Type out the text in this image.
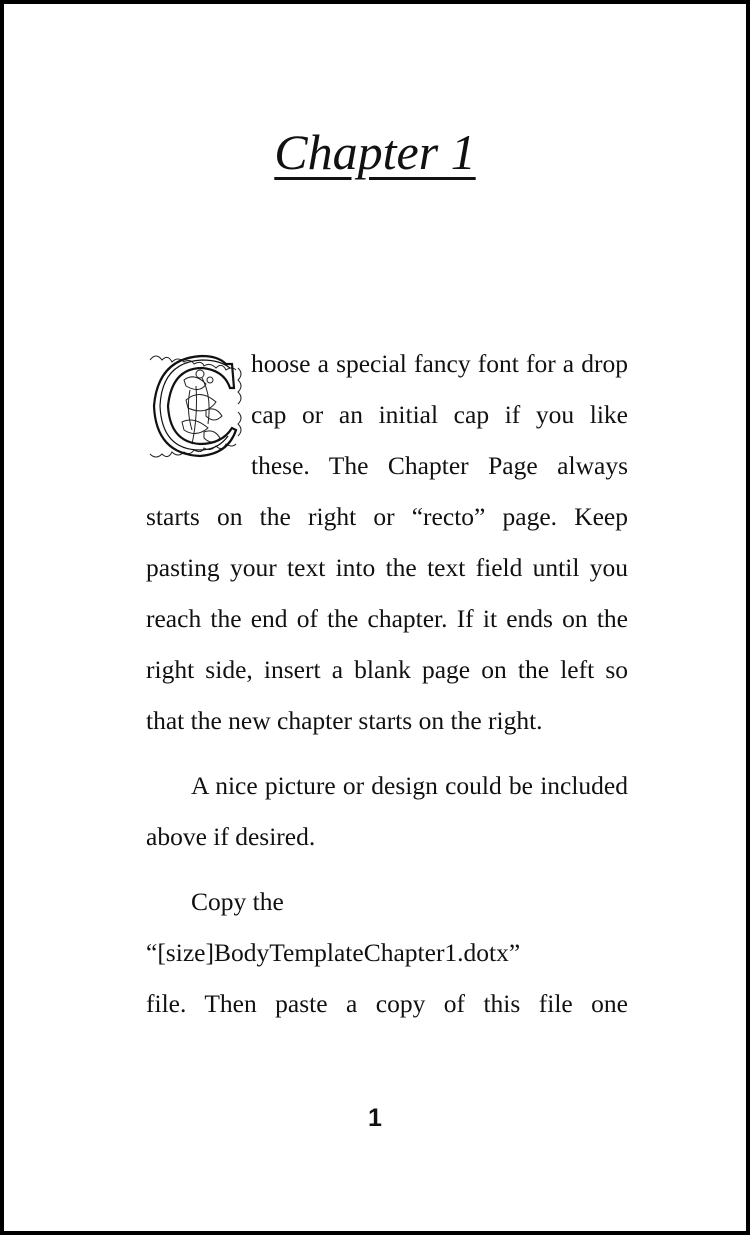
Chapter 1

hoose a special fancy font for a drop cap or an initial cap if you like these. The Chapter Page always starts on the right or “recto” page. Keep pasting your text into the text field until you reach the end of the chapter. If it ends on the right side, insert a blank page on the left so that the new chapter starts on the right.

A nice picture or design could be included above if desired.

Copy the
“[size]BodyTemplateChapter1.dotx”
file. Then paste a copy of this file one
1
